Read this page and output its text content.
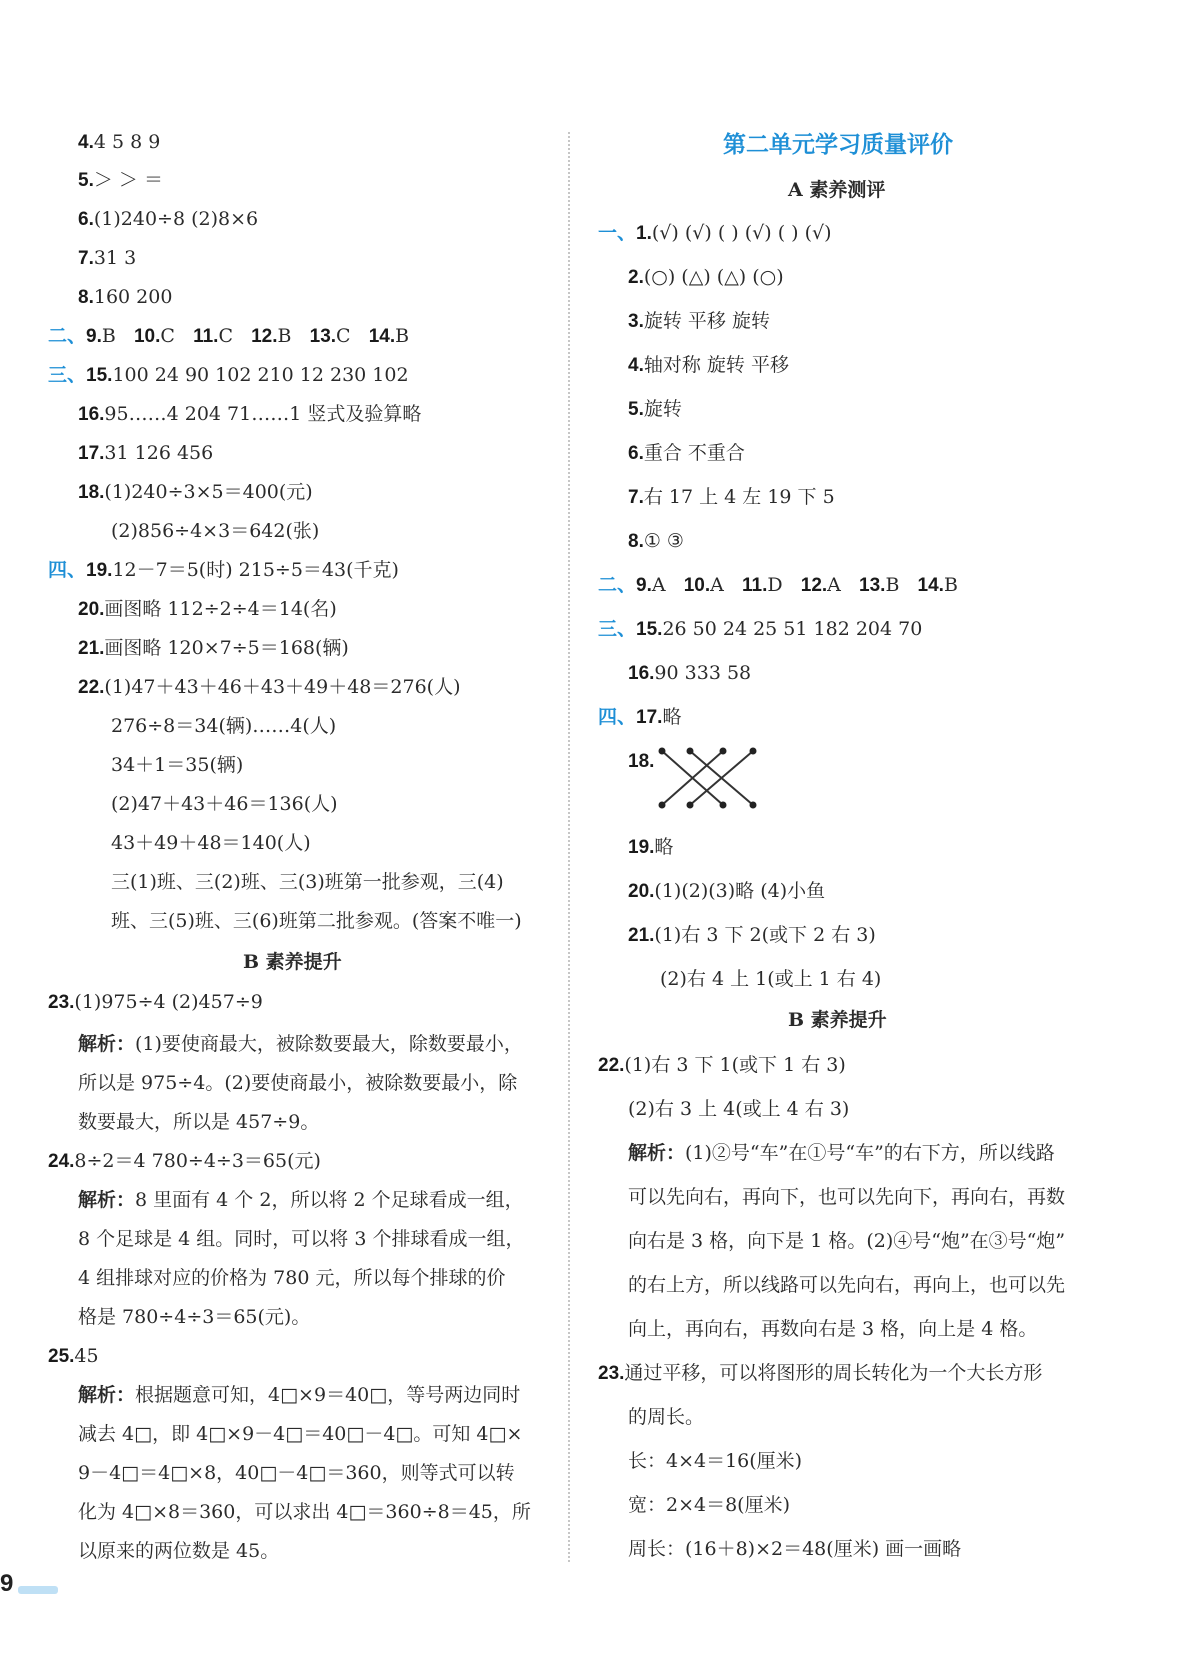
4.4 5 8 9
5.＞ ＞ ＝
6.(1)240÷8 (2)8×6
7.31 3
8.160 200
二、9.B 10.C 11.C 12.B 13.C 14.B
三、15.100 24 90 102 210 12 230 102
16.95……4 204 71……1 竖式及验算略
17.31 126 456
18.(1)240÷3×5＝400(元)
(2)856÷4×3＝642(张)
四、19.12－7＝5(时) 215÷5＝43(千克)
20.画图略 112÷2÷4＝14(名)
21.画图略 120×7÷5＝168(辆)
22.(1)47＋43＋46＋43＋49＋48＝276(人)
276÷8＝34(辆)……4(人)
34＋1＝35(辆)
(2)47＋43＋46＝136(人)
43＋49＋48＝140(人)
三(1)班、三(2)班、三(3)班第一批参观，三(4)
班、三(5)班、三(6)班第二批参观。(答案不唯一)
B 素养提升
23.(1)975÷4 (2)457÷9
解析：(1)要使商最大，被除数要最大，除数要最小，
所以是 975÷4。(2)要使商最小，被除数要最小，除
数要最大，所以是 457÷9。
24.8÷2＝4 780÷4÷3＝65(元)
解析：8 里面有 4 个 2，所以将 2 个足球看成一组，
8 个足球是 4 组。同时，可以将 3 个排球看成一组，
4 组排球对应的价格为 780 元，所以每个排球的价
格是 780÷4÷3＝65(元)。
25.45
解析：根据题意可知，4□×9＝40□，等号两边同时
减去 4□，即 4□×9－4□＝40□－4□。可知 4□×
9－4□＝4□×8，40□－4□＝360，则等式可以转
化为 4□×8＝360，可以求出 4□＝360÷8＝45，所
以原来的两位数是 45。
第二单元学习质量评价
A 素养测评
一、1.(√) (√) ( ) (√) ( ) (√)
2.(○) (△) (△) (○)
3.旋转 平移 旋转
4.轴对称 旋转 平移
5.旋转
6.重合 不重合
7.右 17 上 4 左 19 下 5
8.① ③
二、9.A 10.A 11.D 12.A 13.B 14.B
三、15.26 50 24 25 51 182 204 70
16.90 333 58
四、17.略
18.
19.略
20.(1)(2)(3)略 (4)小鱼
21.(1)右 3 下 2(或下 2 右 3)
(2)右 4 上 1(或上 1 右 4)
B 素养提升
22.(1)右 3 下 1(或下 1 右 3)
(2)右 3 上 4(或上 4 右 3)
解析：(1)②号“车”在①号“车”的右下方，所以线路
可以先向右，再向下，也可以先向下，再向右，再数
向右是 3 格，向下是 1 格。(2)④号“炮”在③号“炮”
的右上方，所以线路可以先向右，再向上，也可以先
向上，再向右，再数向右是 3 格，向上是 4 格。
23.通过平移，可以将图形的周长转化为一个大长方形
的周长。
长：4×4＝16(厘米)
宽：2×4＝8(厘米)
周长：(16＋8)×2＝48(厘米) 画一画略
9
